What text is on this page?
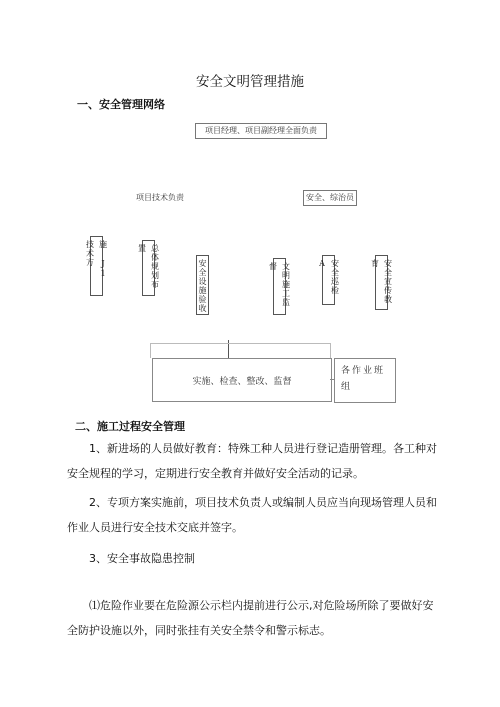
安全文明管理措施
一、安全管理网络
项目经理、项目副经理全面负责
项目技术负责	安全、综治员
施 J1 技术方	总体规划布置
安全设施验收	文明施工监督	安全巡检A	安全宣传教育
实施、检查、整改、监督
各作业班组
二、施工过程安全管理
1、新进场的人员做好教育：特殊工种人员进行登记造册管理。各工种对安全规程的学习，定期进行安全教育并做好安全活动的记录。
2、专项方案实施前，项目技术负责人或编制人员应当向现场管理人员和作业人员进行安全技术交底并签字。
3、安全事故隐患控制
⑴危险作业要在危险源公示栏内提前进行公示,对危险场所除了要做好安全防护设施以外，同时张挂有关安全禁令和警示标志。
